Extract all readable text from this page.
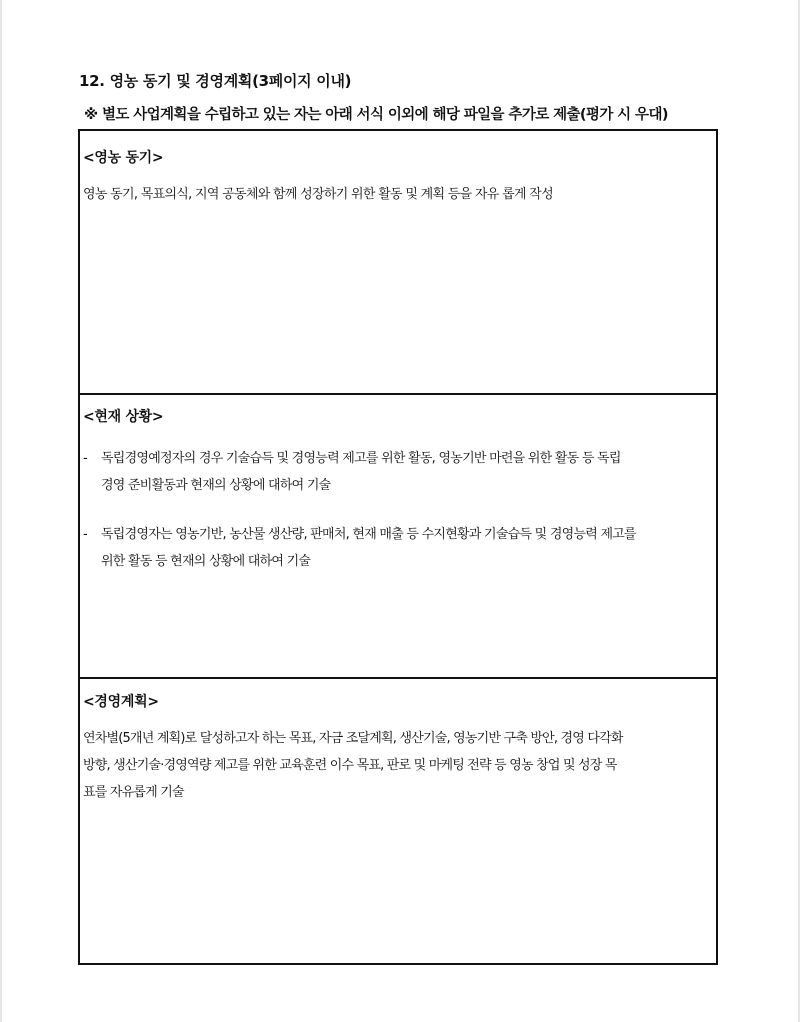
12. 영농 동기 및 경영계획(3페이지 이내)
※ 별도 사업계획을 수립하고 있는 자는 아래 서식 이외에 해당 파일을 추가로 제출(평가 시 우대)
<영농 동기>
영농 동기, 목표의식, 지역 공동체와 함께 성장하기 위한 활동 및 계획 등을 자유 롭게 작성
<현재 상황>
- 독립경영예정자의 경우 기술습득 및 경영능력 제고를 위한 활동, 영농기반 마련을 위한 활동 등 독립
경영 준비활동과 현재의 상황에 대하여 기술
- 독립경영자는 영농기반, 농산물 생산량, 판매처, 현재 매출 등 수지현황과 기술습득 및 경영능력 제고를
위한 활동 등 현재의 상황에 대하여 기술
<경영계획>
연차별(5개년 계획)로 달성하고자 하는 목표, 자금 조달계획, 생산기술, 영농기반 구축 방안, 경영 다각화
방향, 생산기술·경영역량 제고를 위한 교육훈련 이수 목표, 판로 및 마케팅 전략 등 영농 창업 및 성장 목
표를 자유롭게 기술
